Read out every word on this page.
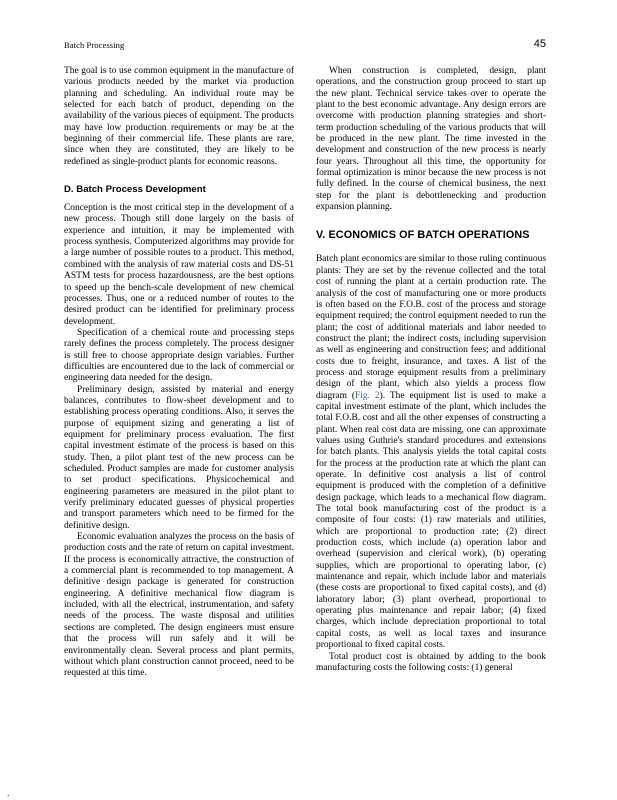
Batch Processing	45

The goal is to use common equipment in the manufacture of various products needed by the market via production planning and scheduling. An individual route may be selected for each batch of product, depending on the availability of the various pieces of equipment. The products may have low production requirements or may be at the beginning of their commercial life. These plants are rare, since when they are constituted, they are likely to be redefined as single-product plants for economic reasons.

D. Batch Process Development

Conception is the most critical step in the development of a new process. Though still done largely on the basis of experience and intuition, it may be implemented with process synthesis. Computerized algorithms may provide for a large number of possible routes to a product. This method, combined with the analysis of raw material costs and DS-51 ASTM tests for process hazardousness, are the best options to speed up the bench-scale development of new chemical processes. Thus, one or a reduced number of routes to the desired product can be identified for preliminary process development.

Specification of a chemical route and processing steps rarely defines the process completely. The process designer is still free to choose appropriate design variables. Further difficulties are encountered due to the lack of commercial or engineering data needed for the design.

Preliminary design, assisted by material and energy balances, contributes to flow-sheet development and to establishing process operating conditions. Also, it serves the purpose of equipment sizing and generating a list of equipment for preliminary process evaluation. The first capital investment estimate of the process is based on this study. Then, a pilot plant test of the new process can be scheduled. Product samples are made for customer analysis to set product specifications. Physicochemical and engineering parameters are measured in the pilot plant to verify preliminary educated guesses of physical properties and transport parameters which need to be firmed for the definitive design.

Economic evaluation analyzes the process on the basis of production costs and the rate of return on capital investment. If the process is economically attractive, the construction of a commercial plant is recommended to top management. A definitive design package is generated for construction engineering. A definitive mechanical flow diagram is included, with all the electrical, instrumentation, and safety needs of the process. The waste disposal and utilities sections are completed. The design engineers must ensure that the process will run safely and it will be environmentally clean. Several process and plant permits, without which plant construction cannot proceed, need to be requested at this time.

When construction is completed, design, plant operations, and the construction group proceed to start up the new plant. Technical service takes over to operate the plant to the best economic advantage. Any design errors are overcome with production planning strategies and short-term production scheduling of the various products that will be produced in the new plant. The time invested in the development and construction of the new process is nearly four years. Throughout all this time, the opportunity for formal optimization is minor because the new process is not fully defined. In the course of chemical business, the next step for the plant is debottlenecking and production expansion planning.

V. ECONOMICS OF BATCH OPERATIONS

Batch plant economics are similar to those ruling continuous plants: They are set by the revenue collected and the total cost of running the plant at a certain production rate. The analysis of the cost of manufacturing one or more products is often based on the F.O.B. cost of the process and storage equipment required; the control equipment needed to run the plant; the cost of additional materials and labor needed to construct the plant; the indirect costs, including supervision as well as engineering and construction fees; and additional costs due to freight, insurance, and taxes. A list of the process and storage equipment results from a preliminary design of the plant, which also yields a process flow diagram (Fig. 2). The equipment list is used to make a capital investment estimate of the plant, which includes the total F.O.B. cost and all the other expenses of constructing a plant. When real cost data are missing, one can approximate values using Guthrie's standard procedures and extensions for batch plants. This analysis yields the total capital costs for the process at the production rate at which the plant can operate. In definitive cost analysis a list of control equipment is produced with the completion of a definitive design package, which leads to a mechanical flow diagram. The total book manufacturing cost of the product is a composite of four costs: (1) raw materials and utilities, which are proportional to production rate; (2) direct production costs, which include (a) operation labor and overhead (supervision and clerical work), (b) operating supplies, which are proportional to operating labor, (c) maintenance and repair, which include labor and materials (these costs are proportional to fixed capital costs), and (d) laboratory labor; (3) plant overhead, proportional to operating plus maintenance and repair labor; (4) fixed charges, which include depreciation proportional to total capital costs, as well as local taxes and insurance proportional to fixed capital costs.

Total product cost is obtained by adding to the book manufacturing costs the following costs: (1) general

¸
